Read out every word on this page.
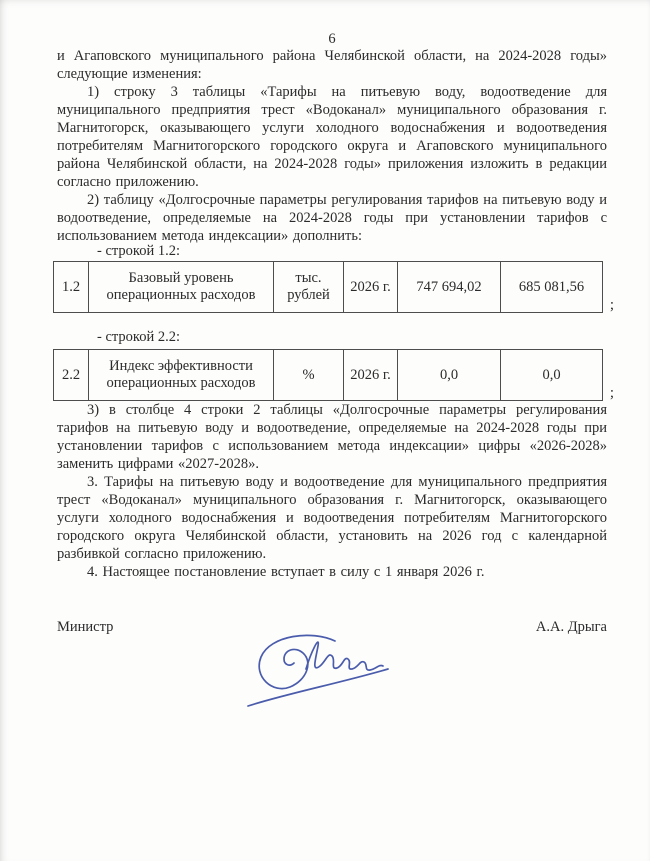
6

и Агаповского муниципального района Челябинской области, на 2024-2028 годы» следующие изменения:

1) строку 3 таблицы «Тарифы на питьевую воду, водоотведение для муниципального предприятия трест «Водоканал» муниципального образования г. Магнитогорск, оказывающего услуги холодного водоснабжения и водоотведения потребителям Магнитогорского городского округа и Агаповского муниципального района Челябинской области, на 2024-2028 годы» приложения изложить в редакции согласно приложению.

2) таблицу «Долгосрочные параметры регулирования тарифов на питьевую воду и водоотведение, определяемые на 2024-2028 годы при установлении тарифов с использованием метода индексации» дополнить:

- строкой 1.2:

1.2	Базовый уровень операционных расходов	тыс. рублей	2026 г.	747 694,02	685 081,56
;

- строкой 2.2:

2.2	Индекс эффективности операционных расходов	%	2026 г.	0,0	0,0
;

3) в столбце 4 строки 2 таблицы «Долгосрочные параметры регулирования тарифов на питьевую воду и водоотведение, определяемые на 2024-2028 годы при установлении тарифов с использованием метода индексации» цифры «2026-2028» заменить цифрами «2027-2028».

3. Тарифы на питьевую воду и водоотведение для муниципального предприятия трест «Водоканал» муниципального образования г. Магнитогорск, оказывающего услуги холодного водоснабжения и водоотведения потребителям Магнитогорского городского округа Челябинской области, установить на 2026 год с календарной разбивкой согласно приложению.

4. Настоящее постановление вступает в силу с 1 января 2026 г.

Министр	А.А. Дрыга
